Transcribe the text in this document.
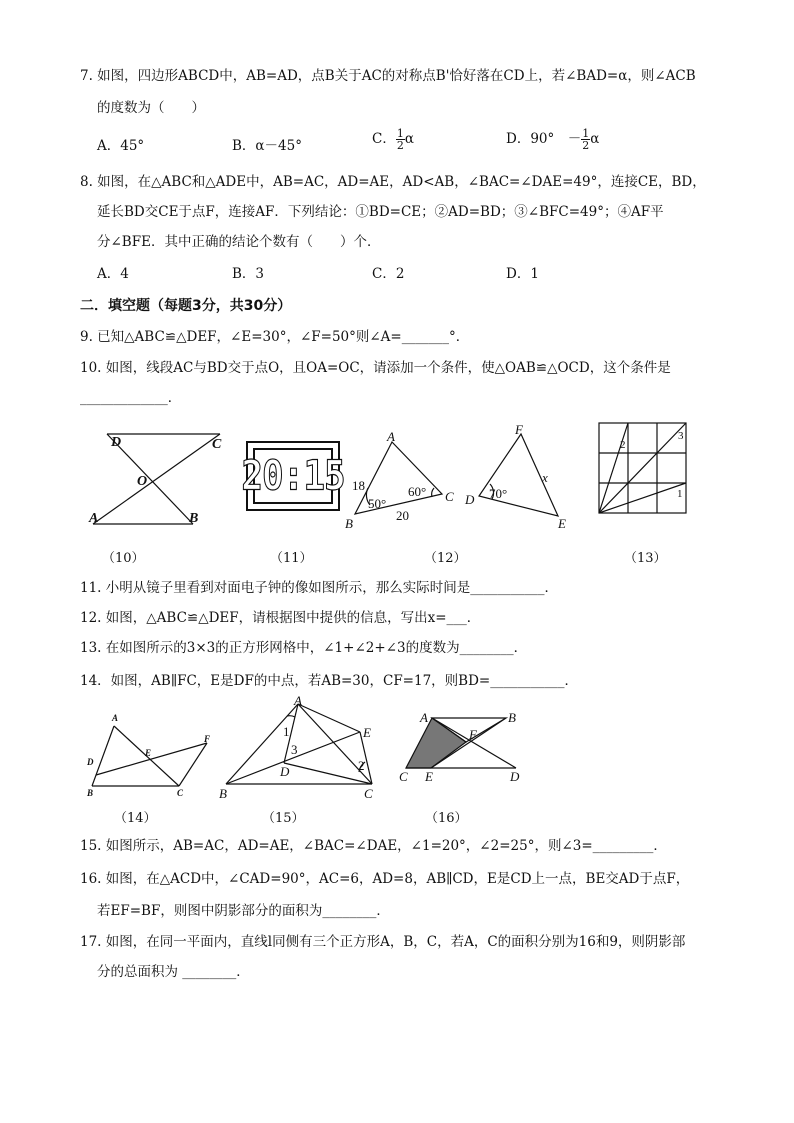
7. 如图，四边形ABCD中，AB=AD，点B关于AC的对称点B'恰好落在CD上，若∠BAD=α，则∠ACB
的度数为（　　）
A．45°	B．α－45°	C． $\frac{1}{2}$ α	D．90°　－ $\frac{1}{2}$ α
8. 如图，在△ABC和△ADE中，AB=AC，AD=AE，AD<AB，∠BAC=∠DAE=49°，连接CE，BD，
延长BD交CE于点F，连接AF．下列结论：①BD=CE；②AD=BD；③∠BFC=49°；④AF平
分∠BFE．其中正确的结论个数有（　　）个．
A．4	B．3	C．2	D．1
二．填空题（每题3分，共30分）
9. 已知△ABC≌△DEF，∠E=30°，∠F=50°则∠A=_______°．
10. 如图，线段AC与BD交于点O，且OA=OC，请添加一个条件，使△OAB≌△OCD，这个条件是
_____________．
D	C
O
A	B
（10）
20:15
（11）
A
B
C
18
20
50°
60°
（12）
F
D
E
x
70°
2
3
1
（13）
11. 小明从镜子里看到对面电子钟的像如图所示，那么实际时间是___________．
12. 如图，△ABC≌△DEF，请根据图中提供的信息，写出x=___．
13. 在如图所示的3×3的正方形网格中，∠1+∠2+∠3的度数为________．
14．如图，AB∥FC，E是DF的中点，若AB=30，CF=17，则BD=___________．
A
B	C
D
E
F
（14）
A
B	C
D
E
1
2
3
（15）
A	B
C	D
E
F
（16）
15. 如图所示，AB=AC，AD=AE，∠BAC=∠DAE，∠1=20°，∠2=25°，则∠3=_________．
16. 如图，在△ACD中，∠CAD=90°，AC=6，AD=8，AB∥CD，E是CD上一点，BE交AD于点F，
若EF=BF，则图中阴影部分的面积为________．
17. 如图，在同一平面内，直线l同侧有三个正方形A，B，C，若A，C的面积分别为16和9，则阴影部
分的总面积为 ________．
